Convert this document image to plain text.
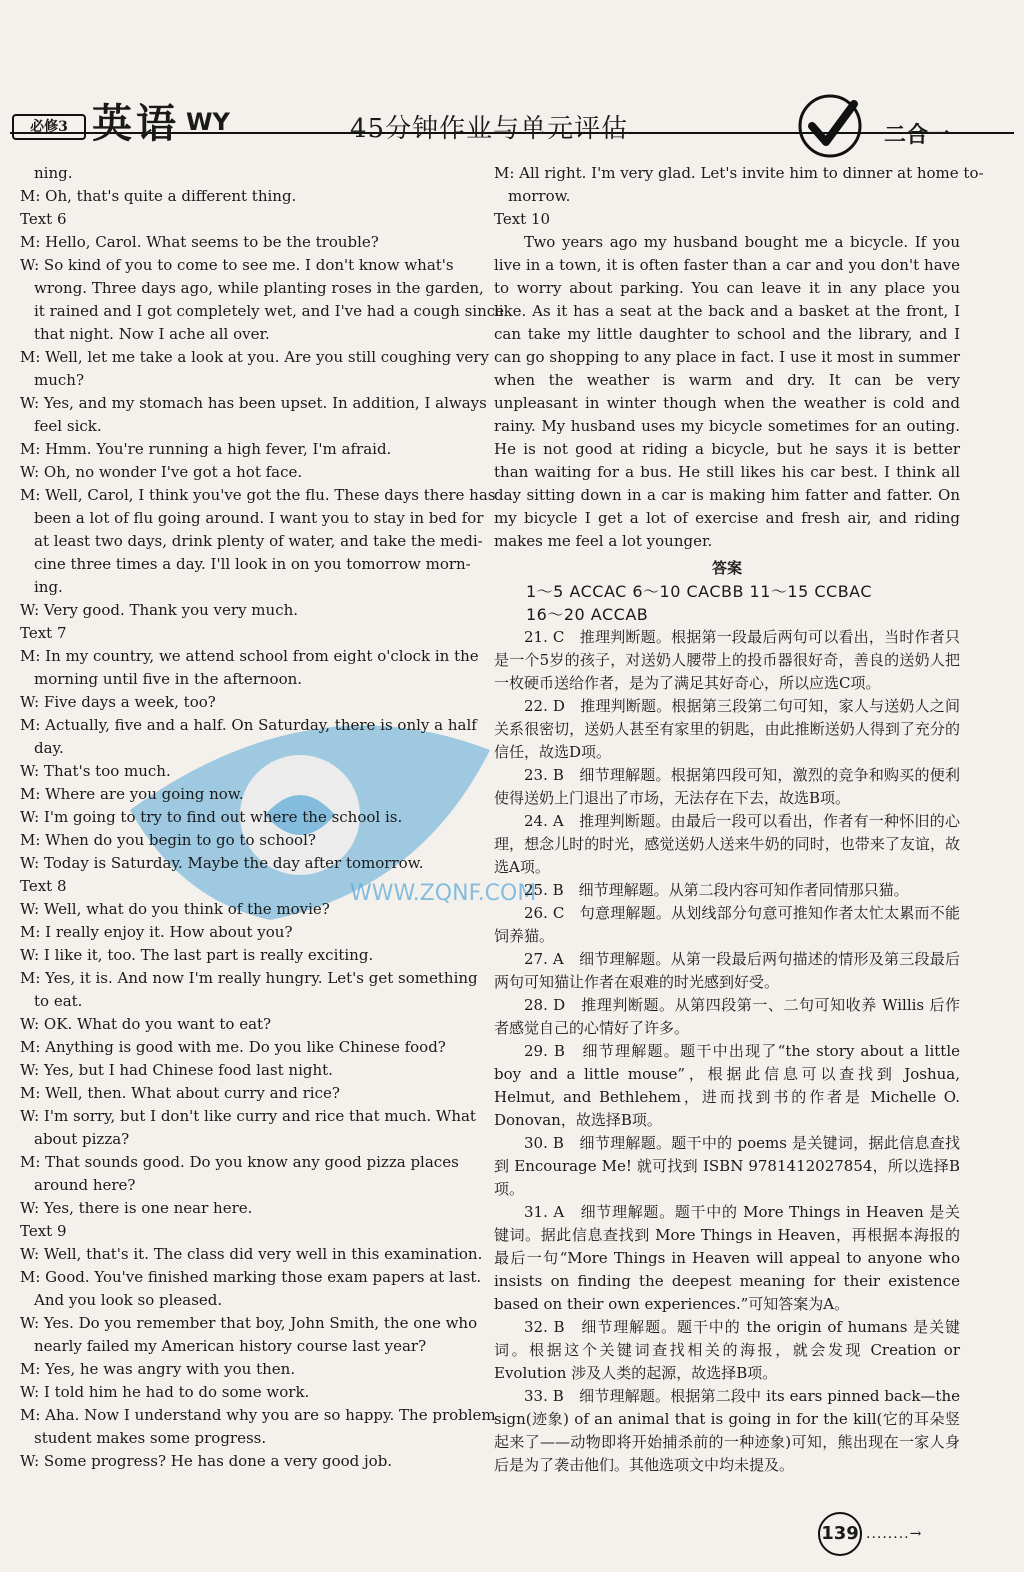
必修3 英语 WY	45分钟作业与单元评估	二合一
WWW.ZQNF.COM
ning.
M: Oh, that's quite a different thing.
Text 6
M: Hello, Carol. What seems to be the trouble?
W: So kind of you to come to see me. I don't know what's
wrong. Three days ago, while planting roses in the garden,
it rained and I got completely wet, and I've had a cough since
that night. Now I ache all over.
M: Well, let me take a look at you. Are you still coughing very
much?
W: Yes, and my stomach has been upset. In addition, I always
feel sick.
M: Hmm. You're running a high fever, I'm afraid.
W: Oh, no wonder I've got a hot face.
M: Well, Carol, I think you've got the flu. These days there has
been a lot of flu going around. I want you to stay in bed for
at least two days, drink plenty of water, and take the medi-
cine three times a day. I'll look in on you tomorrow morn-
ing.
W: Very good. Thank you very much.
Text 7
M: In my country, we attend school from eight o'clock in the
morning until five in the afternoon.
W: Five days a week, too?
M: Actually, five and a half. On Saturday, there is only a half
day.
W: That's too much.
M: Where are you going now.
W: I'm going to try to find out where the school is.
M: When do you begin to go to school?
W: Today is Saturday. Maybe the day after tomorrow.
Text 8
W: Well, what do you think of the movie?
M: I really enjoy it. How about you?
W: I like it, too. The last part is really exciting.
M: Yes, it is. And now I'm really hungry. Let's get something
to eat.
W: OK. What do you want to eat?
M: Anything is good with me. Do you like Chinese food?
W: Yes, but I had Chinese food last night.
M: Well, then. What about curry and rice?
W: I'm sorry, but I don't like curry and rice that much. What
about pizza?
M: That sounds good. Do you know any good pizza places
around here?
W: Yes, there is one near here.
Text 9
W: Well, that's it. The class did very well in this examination.
M: Good. You've finished marking those exam papers at last.
And you look so pleased.
W: Yes. Do you remember that boy, John Smith, the one who
nearly failed my American history course last year?
M: Yes, he was angry with you then.
W: I told him he had to do some work.
M: Aha. Now I understand why you are so happy. The problem
student makes some progress.
W: Some progress? He has done a very good job.
M: All right. I'm very glad. Let's invite him to dinner at home to-
morrow.
Text 10
Two years ago my husband bought me a bicycle. If you live in a town, it is often faster than a car and you don't have to worry about parking. You can leave it in any place you like. As it has a seat at the back and a basket at the front, I can take my little daughter to school and the library, and I can go shopping to any place in fact. I use it most in summer when the weather is warm and dry. It can be very unpleasant in winter though when the weather is cold and rainy. My husband uses my bicycle sometimes for an outing. He is not good at riding a bicycle, but he says it is better than waiting for a bus. He still likes his car best. I think all day sitting down in a car is making him fatter and fatter. On my bicycle I get a lot of exercise and fresh air, and riding makes me feel a lot younger.
答案
1～5 ACCAC 6～10 CACBB 11～15 CCBAC
16～20 ACCAB
21. C　推理判断题。根据第一段最后两句可以看出，当时作者只是一个5岁的孩子，对送奶人腰带上的投币器很好奇，善良的送奶人把一枚硬币送给作者，是为了满足其好奇心，所以应选C项。
22. D　推理判断题。根据第三段第二句可知，家人与送奶人之间关系很密切，送奶人甚至有家里的钥匙，由此推断送奶人得到了充分的信任，故选D项。
23. B　细节理解题。根据第四段可知，激烈的竞争和购买的便利使得送奶上门退出了市场，无法存在下去，故选B项。
24. A　推理判断题。由最后一段可以看出，作者有一种怀旧的心理，想念儿时的时光，感觉送奶人送来牛奶的同时，也带来了友谊，故选A项。
25. B　细节理解题。从第二段内容可知作者同情那只猫。
26. C　句意理解题。从划线部分句意可推知作者太忙太累而不能饲养猫。
27. A　细节理解题。从第一段最后两句描述的情形及第三段最后两句可知猫让作者在艰难的时光感到好受。
28. D　推理判断题。从第四段第一、二句可知收养 Willis 后作者感觉自己的心情好了许多。
29. B　细节理解题。题干中出现了“the story about a little boy and a little mouse”，根据此信息可以查找到 Joshua, Helmut, and Bethlehem，进而找到书的作者是 Michelle O. Donovan，故选择B项。
30. B　细节理解题。题干中的 poems 是关键词，据此信息查找到 Encourage Me! 就可找到 ISBN 9781412027854，所以选择B项。
31. A　细节理解题。题干中的 More Things in Heaven 是关键词。据此信息查找到 More Things in Heaven，再根据本海报的最后一句“More Things in Heaven will appeal to anyone who insists on finding the deepest meaning for their existence based on their own experiences.”可知答案为A。
32. B　细节理解题。题干中的 the origin of humans 是关键词。根据这个关键词查找相关的海报，就会发现 Creation or Evolution 涉及人类的起源，故选择B项。
33. B　细节理解题。根据第二段中 its ears pinned back—the sign(迹象) of an animal that is going in for the kill(它的耳朵竖起来了——动物即将开始捕杀前的一种迹象)可知，熊出现在一家人身后是为了袭击他们。其他选项文中均未提及。
139 ........→
